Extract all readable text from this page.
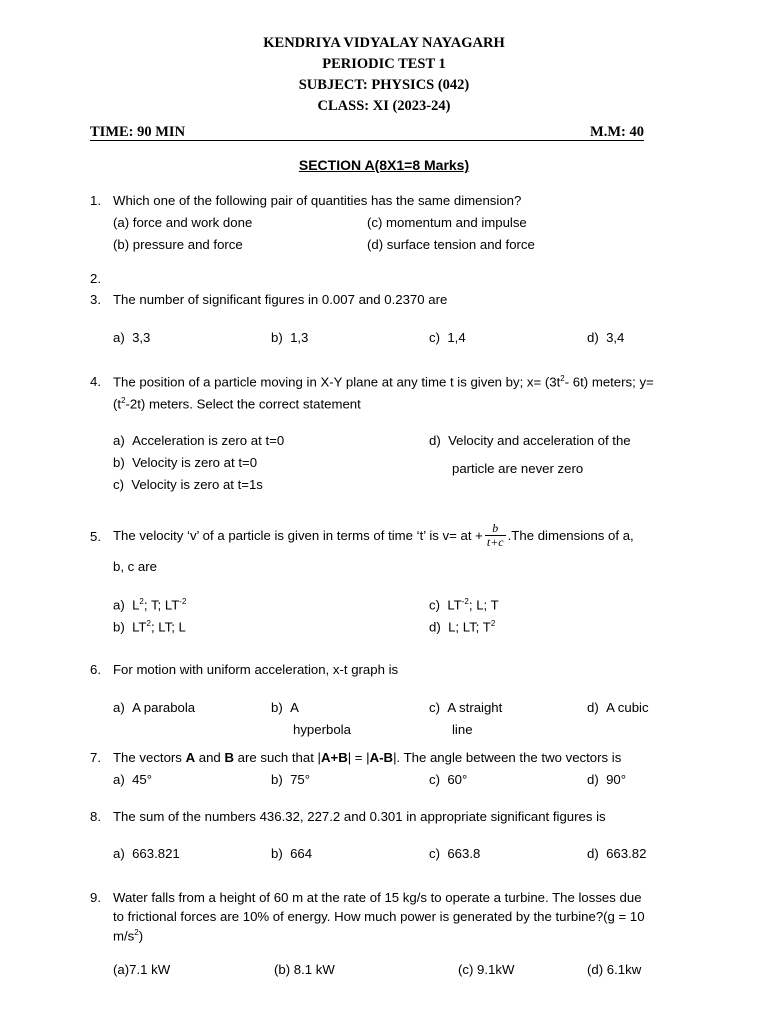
KENDRIYA VIDYALAY NAYAGARH
PERIODIC TEST 1
SUBJECT: PHYSICS (042)
CLASS: XI (2023-24)
TIME: 90 MIN	M.M: 40
SECTION A(8X1=8 Marks)
1. Which one of the following pair of quantities has the same dimension?
(a) force and work done	(c) momentum and impulse
(b) pressure and force	(d) surface tension and force
2.
3. The number of significant figures in 0.007 and 0.2370 are
a) 3,3	b) 1,3	c) 1,4	d) 3,4
4. The position of a particle moving in X-Y plane at any time t is given by; $x= (3t^2-$ 6t) meters; y=
$(t^2-2t)$ meters. Select the correct statement
a) Acceleration is zero at t=0
b) Velocity is zero at t=0
c) Velocity is zero at t=1s
d) Velocity and acceleration of the
particle are never zero
5. The velocity ‘v’ of a particle is given in terms of time ‘t’ is v= at + $\frac{b}{t+c} .The$ dimensions of a,
b, c are
a) $L^2$; T; $LT^{-2}$
b) $LT^2$; LT; L
c) $LT^{-2}$; L; T
d) L; LT; $T^2$
6. For motion with uniform acceleration, x-t graph is
a) A parabola	b) A
hyperbola
c) A straight
line
d) A cubic
7. The vectors A and B are such that |A+B| = |A-B|. The angle between the two vectors is
a) 45°	b) 75°	c) 60°	d) 90°
8. The sum of the numbers 436.32, 227.2 and 0.301 in appropriate significant figures is
a) 663.821	b) 664	c) 663.8	d) 663.82
9. Water falls from a height of 60 m at the rate of 15 kg/s to operate a turbine. The losses due
to frictional forces are 10% of energy. How much power is generated by the turbine?(g = 10
$m/s^2$)
(a)7.1 kW	(b) 8.1 kW	(c) 9.1kW	(d) 6.1kw
